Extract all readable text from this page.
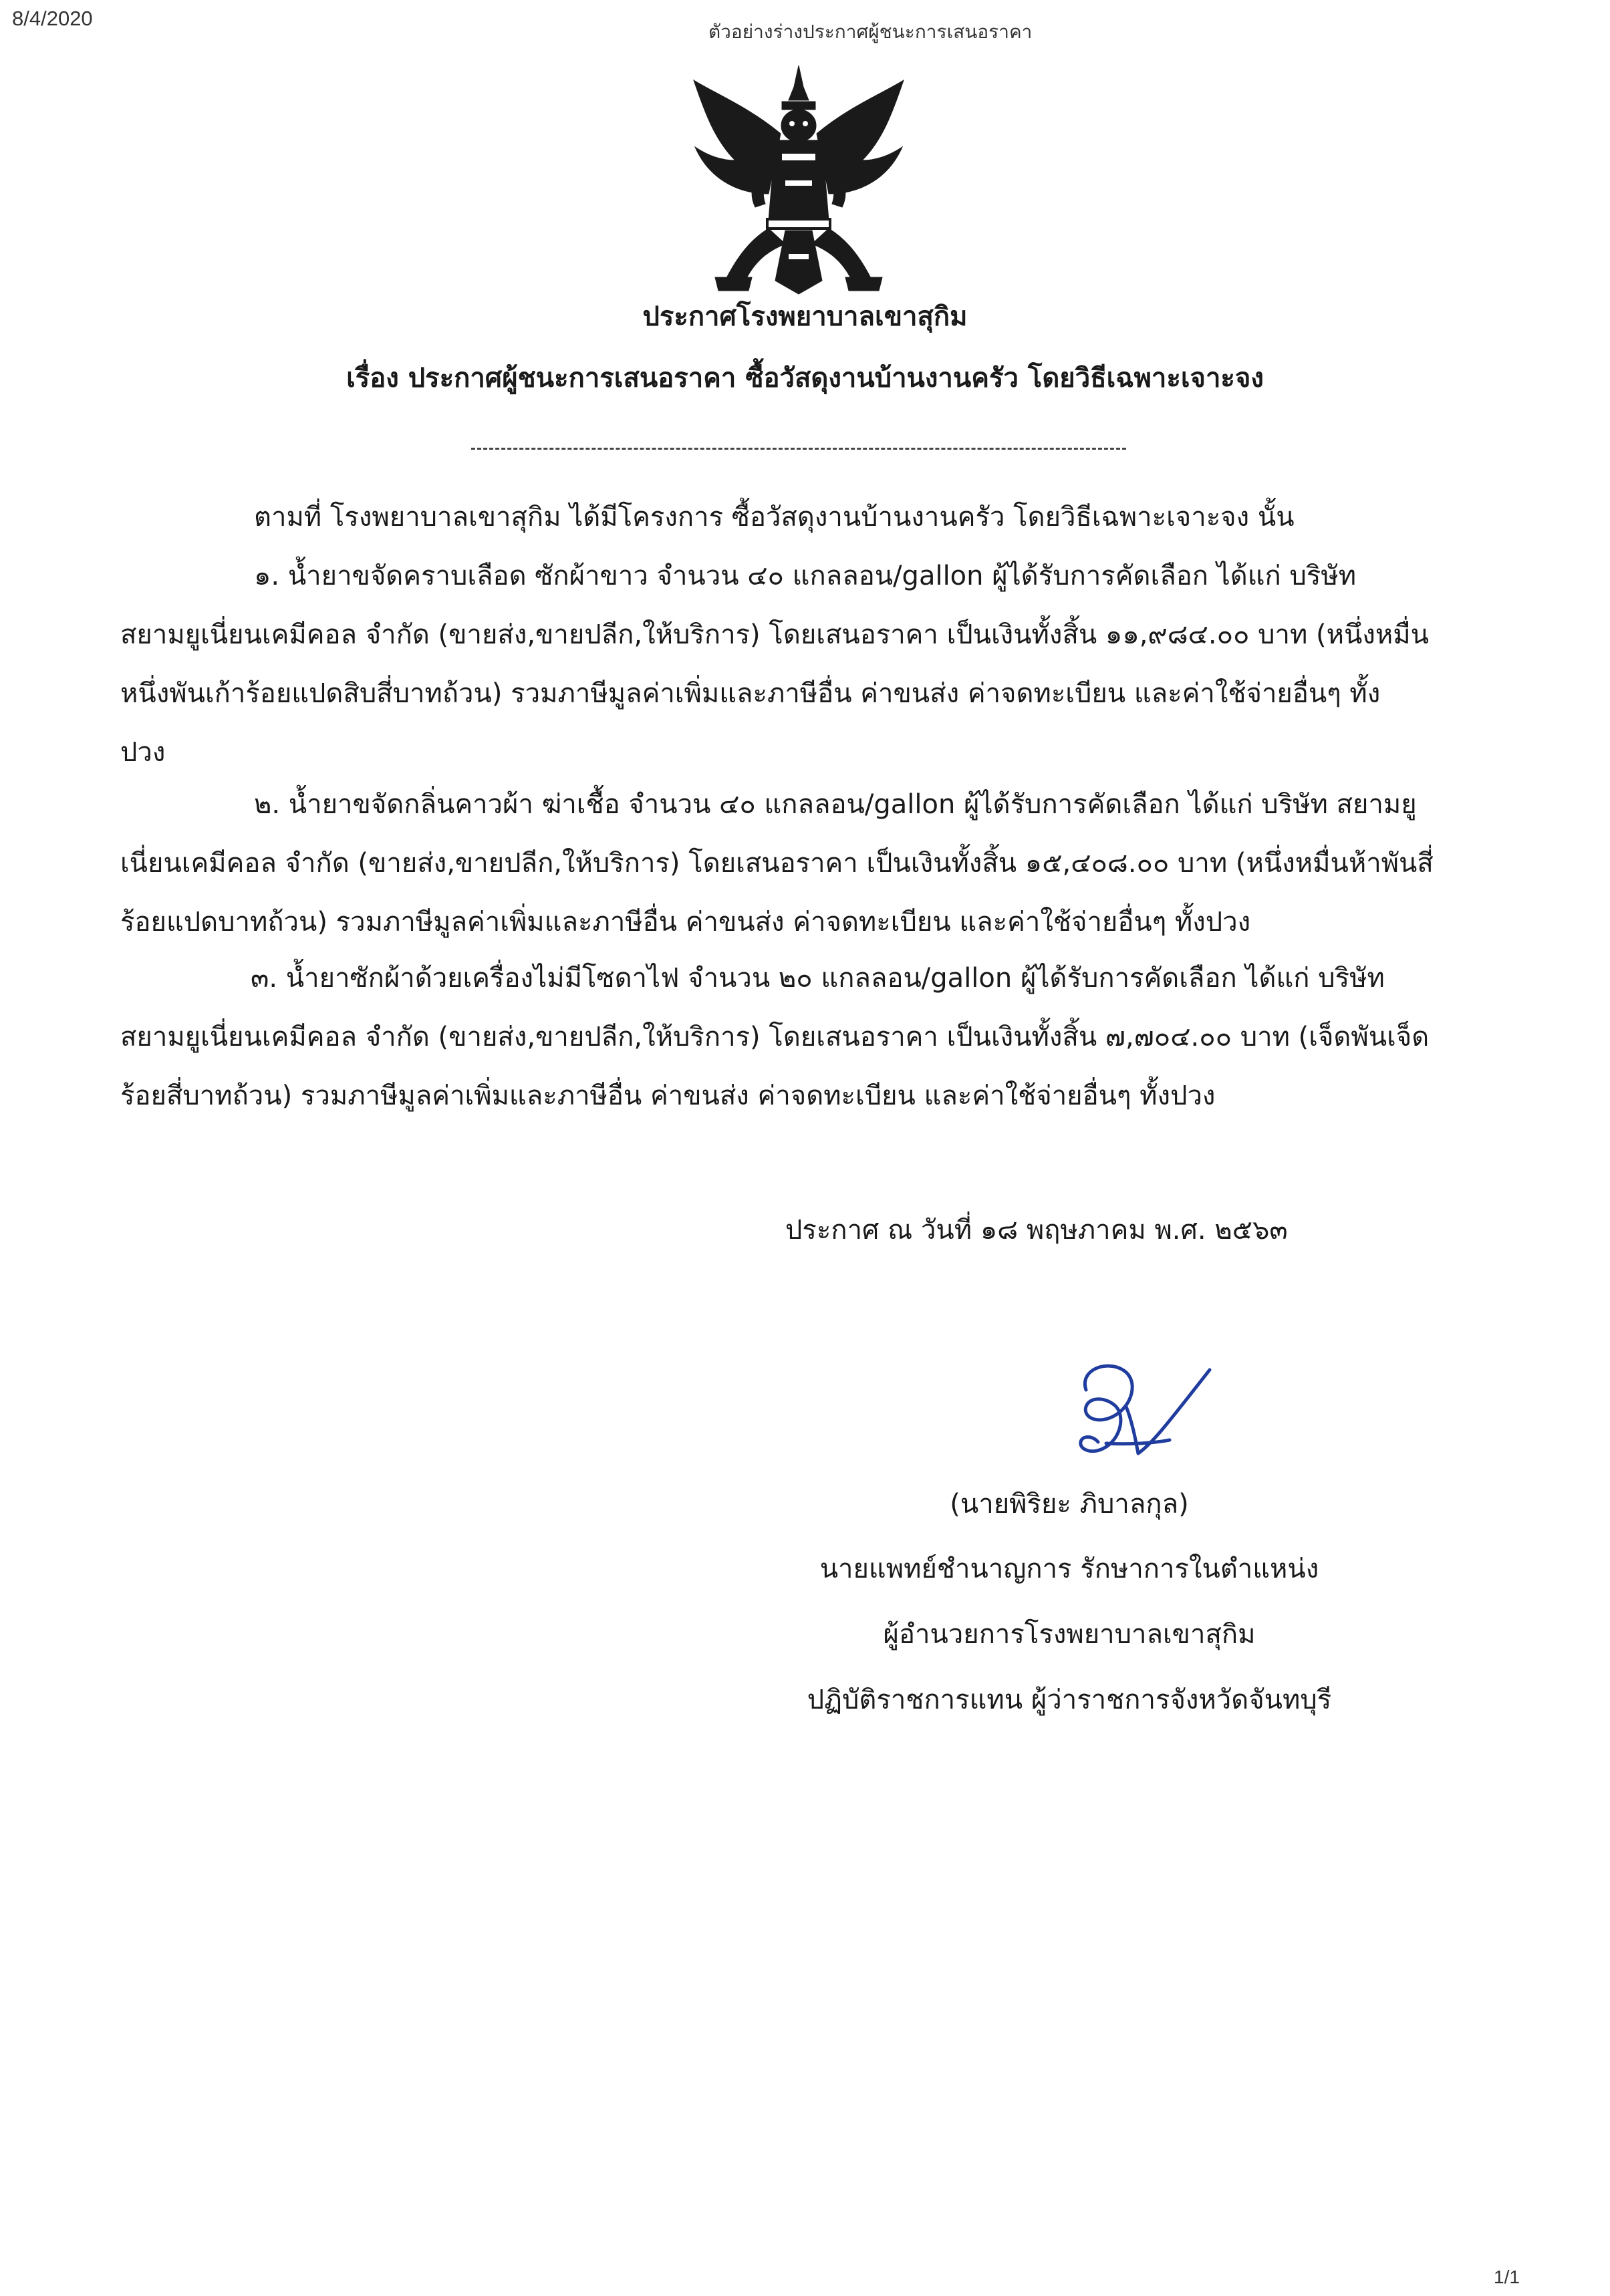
8/4/2020
ตัวอย่างร่างประกาศผู้ชนะการเสนอราคา
ประกาศโรงพยาบาลเขาสุกิม
เรื่อง ประกาศผู้ชนะการเสนอราคา ซื้อวัสดุงานบ้านงานครัว โดยวิธีเฉพาะเจาะจง
ตามที่ โรงพยาบาลเขาสุกิม ได้มีโครงการ ซื้อวัสดุงานบ้านงานครัว โดยวิธีเฉพาะเจาะจง นั้น
๑. น้ำยาขจัดคราบเลือด ซักผ้าขาว จำนวน ๔๐ แกลลอน/gallon ผู้ได้รับการคัดเลือก ได้แก่ บริษัท
สยามยูเนี่ยนเคมีคอล จำกัด (ขายส่ง,ขายปลีก,ให้บริการ) โดยเสนอราคา เป็นเงินทั้งสิ้น ๑๑,๙๘๔.๐๐ บาท (หนึ่งหมื่น
หนึ่งพันเก้าร้อยแปดสิบสี่บาทถ้วน) รวมภาษีมูลค่าเพิ่มและภาษีอื่น ค่าขนส่ง ค่าจดทะเบียน และค่าใช้จ่ายอื่นๆ ทั้ง
ปวง
๒. น้ำยาขจัดกลิ่นคาวผ้า ฆ่าเชื้อ จำนวน ๔๐ แกลลอน/gallon ผู้ได้รับการคัดเลือก ได้แก่ บริษัท สยามยู
เนี่ยนเคมีคอล จำกัด (ขายส่ง,ขายปลีก,ให้บริการ) โดยเสนอราคา เป็นเงินทั้งสิ้น ๑๕,๔๐๘.๐๐ บาท (หนึ่งหมื่นห้าพันสี่
ร้อยแปดบาทถ้วน) รวมภาษีมูลค่าเพิ่มและภาษีอื่น ค่าขนส่ง ค่าจดทะเบียน และค่าใช้จ่ายอื่นๆ ทั้งปวง
๓. น้ำยาซักผ้าด้วยเครื่องไม่มีโซดาไฟ จำนวน ๒๐ แกลลอน/gallon ผู้ได้รับการคัดเลือก ได้แก่ บริษัท
สยามยูเนี่ยนเคมีคอล จำกัด (ขายส่ง,ขายปลีก,ให้บริการ) โดยเสนอราคา เป็นเงินทั้งสิ้น ๗,๗๐๔.๐๐ บาท (เจ็ดพันเจ็ด
ร้อยสี่บาทถ้วน) รวมภาษีมูลค่าเพิ่มและภาษีอื่น ค่าขนส่ง ค่าจดทะเบียน และค่าใช้จ่ายอื่นๆ ทั้งปวง
ประกาศ ณ วันที่ ๑๘ พฤษภาคม พ.ศ. ๒๕๖๓
(นายพิริยะ ภิบาลกุล)
นายแพทย์ชำนาญการ รักษาการในตำแหน่ง
ผู้อำนวยการโรงพยาบาลเขาสุกิม
ปฏิบัติราชการแทน ผู้ว่าราชการจังหวัดจันทบุรี
1/1
